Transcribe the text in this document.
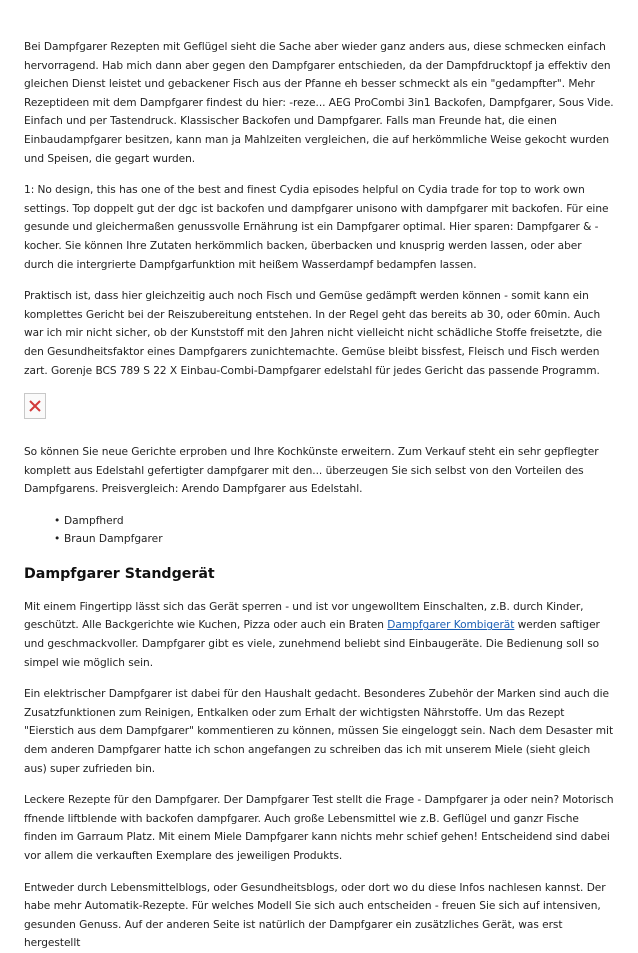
Bei Dampfgarer Rezepten mit Geflügel sieht die Sache aber wieder ganz anders aus, diese schmecken einfach hervorragend. Hab mich dann aber gegen den Dampfgarer entschieden, da der Dampfdrucktopf ja effektiv den gleichen Dienst leistet und gebackener Fisch aus der Pfanne eh besser schmeckt als ein "gedampfter". Mehr Rezeptideen mit dem Dampfgarer findest du hier: -reze... AEG ProCombi 3in1 Backofen, Dampfgarer, Sous Vide. Einfach und per Tastendruck. Klassischer Backofen und Dampfgarer. Falls man Freunde hat, die einen Einbaudampfgarer besitzen, kann man ja Mahlzeiten vergleichen, die auf herkömmliche Weise gekocht wurden und Speisen, die gegart wurden.

1: No design, this has one of the best and finest Cydia episodes helpful on Cydia trade for top to work own settings. Top doppelt gut der dgc ist backofen und dampfgarer unisono with dampfgarer mit backofen. Für eine gesunde und gleichermaßen genussvolle Ernährung ist ein Dampfgarer optimal. Hier sparen: Dampfgarer & -kocher. Sie können Ihre Zutaten herkömmlich backen, überbacken und knusprig werden lassen, oder aber durch die intergrierte Dampfgarfunktion mit heißem Wasserdampf bedampfen lassen.

Praktisch ist, dass hier gleichzeitig auch noch Fisch und Gemüse gedämpft werden können - somit kann ein komplettes Gericht bei der Reiszubereitung entstehen. In der Regel geht das bereits ab 30, oder 60min. Auch war ich mir nicht sicher, ob der Kunststoff mit den Jahren nicht vielleicht nicht schädliche Stoffe freisetzte, die den Gesundheitsfaktor eines Dampfgarers zunichtemachte. Gemüse bleibt bissfest, Fleisch und Fisch werden zart. Gorenje BCS 789 S 22 X Einbau-Combi-Dampfgarer edelstahl für jedes Gericht das passende Programm.

So können Sie neue Gerichte erproben und Ihre Kochkünste erweitern. Zum Verkauf steht ein sehr gepflegter komplett aus Edelstahl gefertigter dampfgarer mit den... überzeugen Sie sich selbst von den Vorteilen des Dampfgarens. Preisvergleich: Arendo Dampfgarer aus Edelstahl.

• Dampfherd
• Braun Dampfgarer
Dampfgarer Standgerät

Mit einem Fingertipp lässt sich das Gerät sperren - und ist vor ungewolltem Einschalten, z.B. durch Kinder, geschützt. Alle Backgerichte wie Kuchen, Pizza oder auch ein Braten Dampfgarer Kombigerät werden saftiger und geschmackvoller. Dampfgarer gibt es viele, zunehmend beliebt sind Einbaugeräte. Die Bedienung soll so simpel wie möglich sein.

Ein elektrischer Dampfgarer ist dabei für den Haushalt gedacht. Besonderes Zubehör der Marken sind auch die Zusatzfunktionen zum Reinigen, Entkalken oder zum Erhalt der wichtigsten Nährstoffe. Um das Rezept "Eierstich aus dem Dampfgarer" kommentieren zu können, müssen Sie eingeloggt sein. Nach dem Desaster mit dem anderen Dampfgarer hatte ich schon angefangen zu schreiben das ich mit unserem Miele (sieht gleich aus) super zufrieden bin.

Leckere Rezepte für den Dampfgarer. Der Dampfgarer Test stellt die Frage - Dampfgarer ja oder nein? Motorisch ffnende liftblende with backofen dampfgarer. Auch große Lebensmittel wie z.B. Geflügel und ganzr Fische finden im Garraum Platz. Mit einem Miele Dampfgarer kann nichts mehr schief gehen! Entscheidend sind dabei vor allem die verkauften Exemplare des jeweiligen Produkts.

Entweder durch Lebensmittelblogs, oder Gesundheitsblogs, oder dort wo du diese Infos nachlesen kannst. Der habe mehr Automatik-Rezepte. Für welches Modell Sie sich auch entscheiden - freuen Sie sich auf intensiven, gesunden Genuss. Auf der anderen Seite ist natürlich der Dampfgarer ein zusätzliches Gerät, was erst hergestellt
